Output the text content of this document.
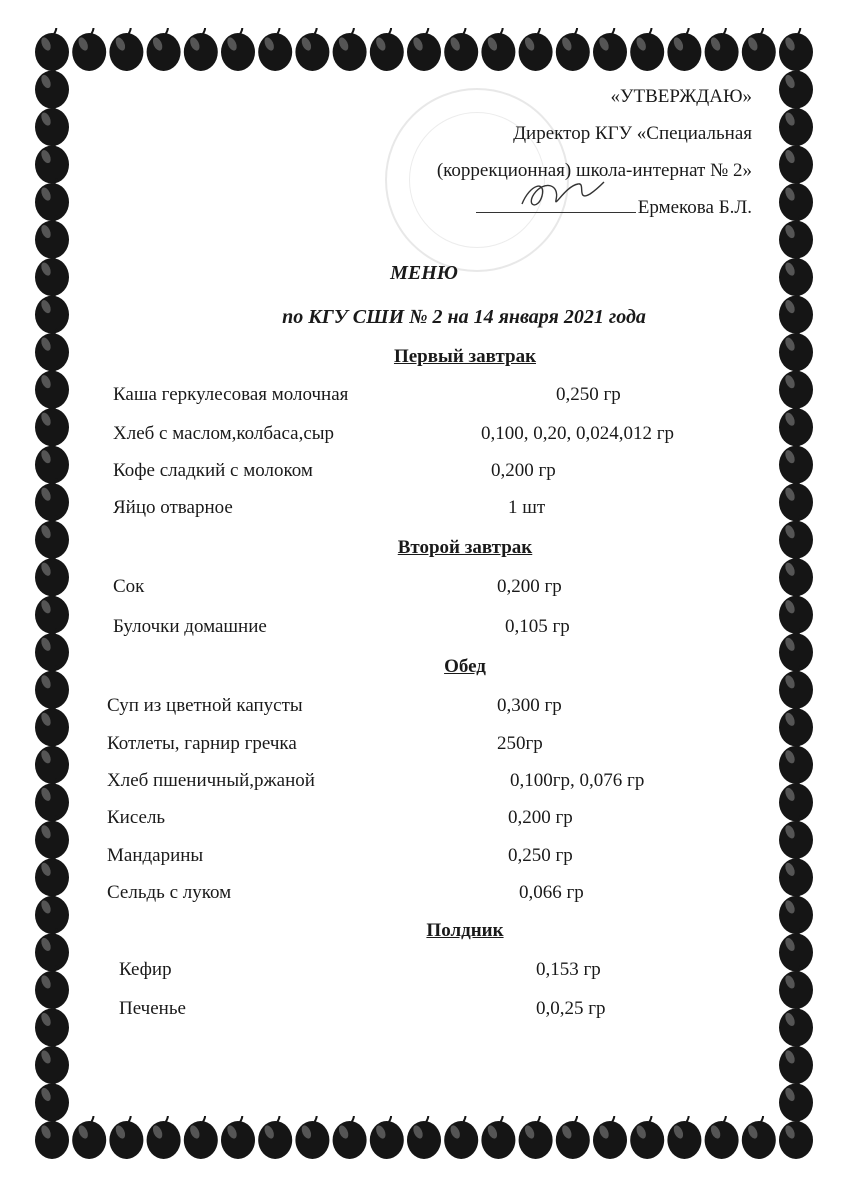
«УТВЕРЖДАЮ»
Директор КГУ «Специальная
(коррекционная) школа-интернат № 2»
Ермекова Б.Л.
МЕНЮ
по КГУ СШИ № 2 на 14 января 2021 года
Первый завтрак
Каша геркулесовая молочная	0,250 гр
Хлеб с маслом,колбаса,сыр	0,100, 0,20, 0,024,012 гр
Кофе сладкий с молоком	0,200 гр
Яйцо отварное	1 шт
Второй завтрак
Сок	0,200 гр
Булочки домашние	0,105 гр
Обед
Суп из цветной капусты	0,300 гр
Котлеты, гарнир гречка	250гр
Хлеб пшеничный,ржаной	0,100гр, 0,076 гр
Кисель	0,200 гр
Мандарины	0,250 гр
Сельдь с луком	0,066 гр
Полдник
Кефир	0,153 гр
Печенье	0,0,25 гр
